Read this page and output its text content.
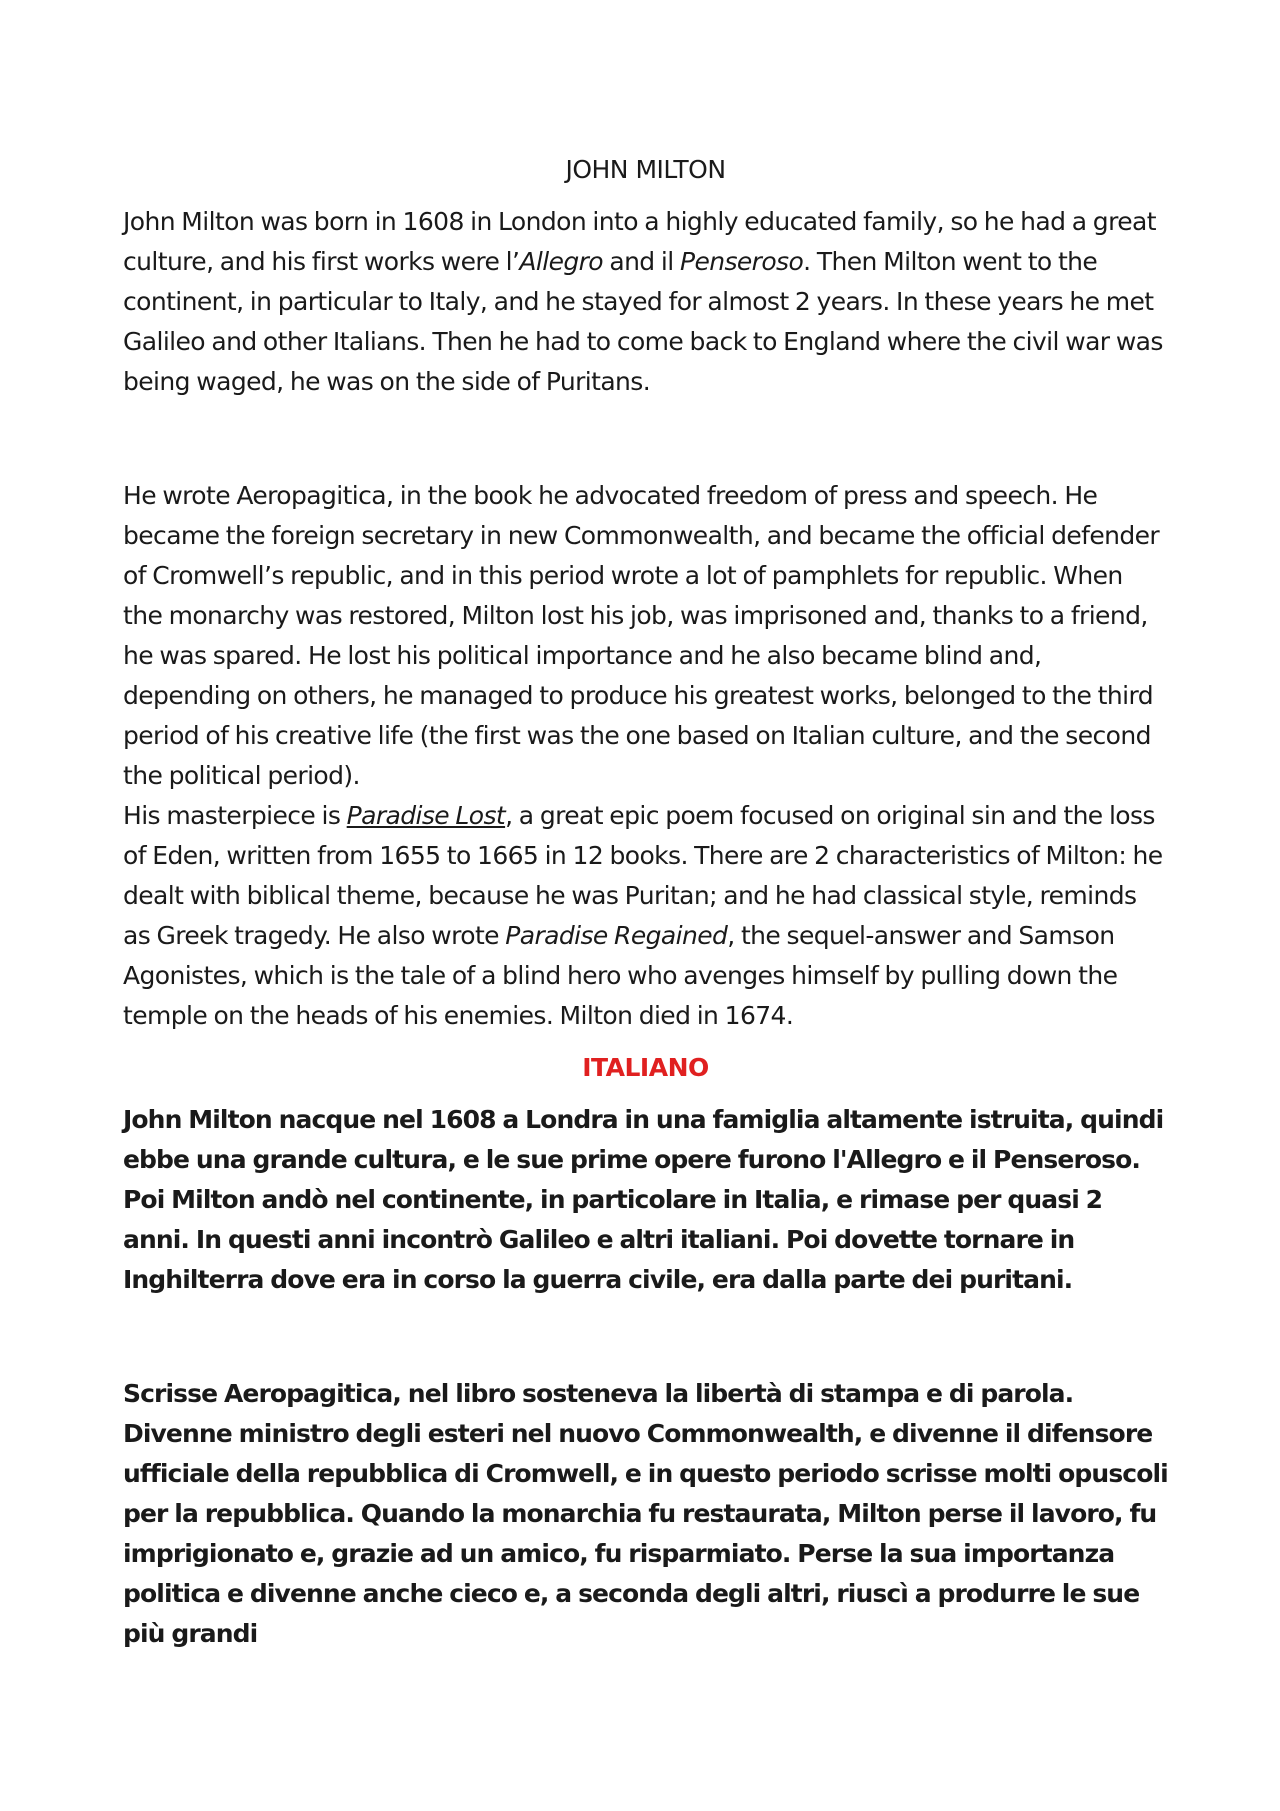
JOHN MILTON

John Milton was born in 1608 in London into a highly educated family, so he had a great culture, and his first works were l’Allegro and il Penseroso. Then Milton went to the continent, in particular to Italy, and he stayed for almost 2 years. In these years he met Galileo and other Italians. Then he had to come back to England where the civil war was being waged, he was on the side of Puritans.

He wrote Aeropagitica, in the book he advocated freedom of press and speech. He became the foreign secretary in new Commonwealth, and became the official defender of Cromwell’s republic, and in this period wrote a lot of pamphlets for republic. When the monarchy was restored, Milton lost his job, was imprisoned and, thanks to a friend, he was spared. He lost his political importance and he also became blind and, depending on others, he managed to produce his greatest works, belonged to the third period of his creative life (the first was the one based on Italian culture, and the second the political period).

His masterpiece is Paradise Lost, a great epic poem focused on original sin and the loss of Eden, written from 1655 to 1665 in 12 books. There are 2 characteristics of Milton: he dealt with biblical theme, because he was Puritan; and he had classical style, reminds as Greek tragedy. He also wrote Paradise Regained, the sequel-answer and Samson Agonistes, which is the tale of a blind hero who avenges himself by pulling down the temple on the heads of his enemies. Milton died in 1674.

ITALIANO

John Milton nacque nel 1608 a Londra in una famiglia altamente istruita, quindi ebbe una grande cultura, e le sue prime opere furono l'Allegro e il Penseroso. Poi Milton andò nel continente, in particolare in Italia, e rimase per quasi 2 anni. In questi anni incontrò Galileo e altri italiani. Poi dovette tornare in Inghilterra dove era in corso la guerra civile, era dalla parte dei puritani.

Scrisse Aeropagitica, nel libro sosteneva la libertà di stampa e di parola. Divenne ministro degli esteri nel nuovo Commonwealth, e divenne il difensore ufficiale della repubblica di Cromwell, e in questo periodo scrisse molti opuscoli per la repubblica. Quando la monarchia fu restaurata, Milton perse il lavoro, fu imprigionato e, grazie ad un amico, fu risparmiato. Perse la sua importanza politica e divenne anche cieco e, a seconda degli altri, riuscì a produrre le sue più grandi
